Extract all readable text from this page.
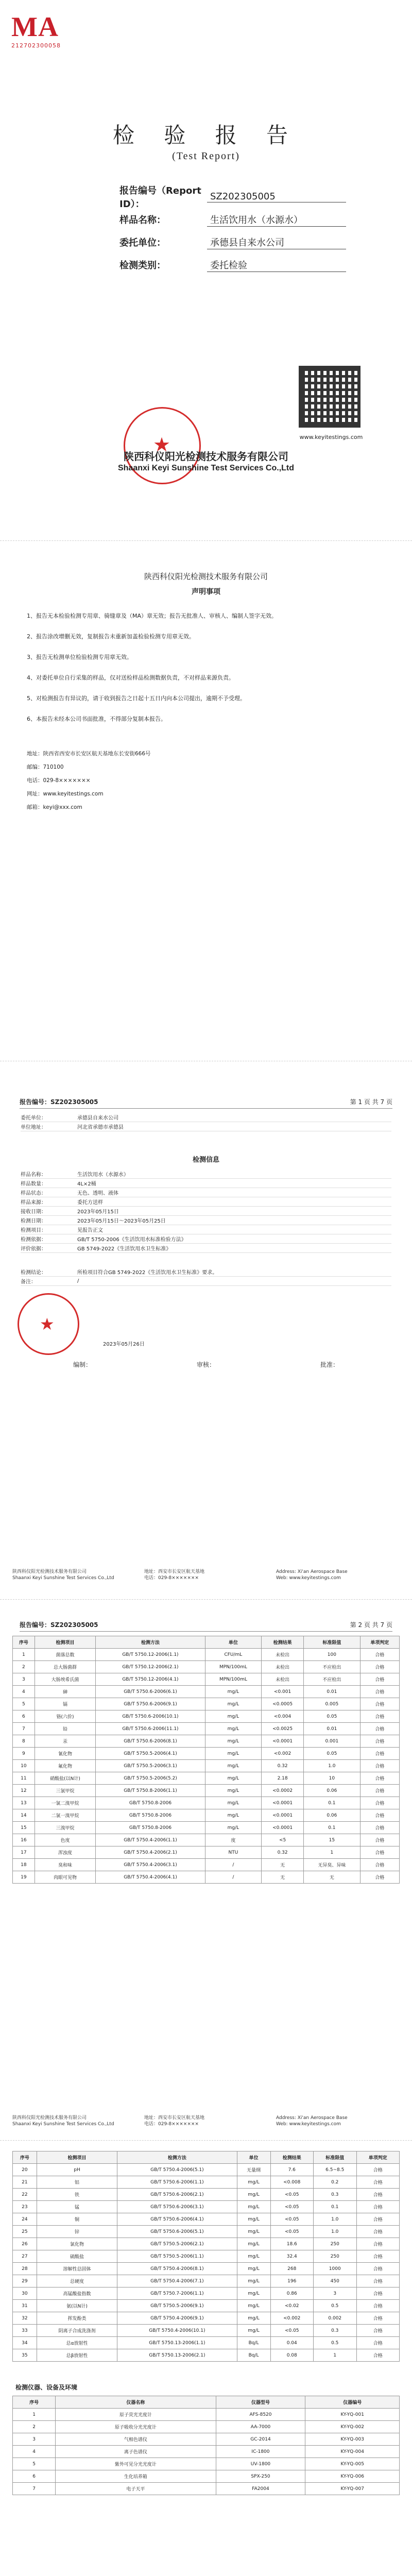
MA
212702300058
检 验 报 告
(Test Report)
报告编号（Report ID）：
SZ202305005
样品名称：	生活饮用水（水源水）
委托单位：	承德县自来水公司
检测类别：	委托检验
www.keyitestings.com
★
陕西科仪阳光检测技术服务有限公司
Shaanxi Keyi Sunshine Test Services Co.,Ltd
陕西科仪阳光检测技术服务有限公司
声明事项
1、报告无本检验检测专用章、骑缝章及（MA）章无效；报告无批准人、审核人、编制人签字无效。
2、报告涂改增删无效，复制报告未重新加盖检验检测专用章无效。
3、报告无检测单位检验检测专用章无效。
4、对委托单位自行采集的样品，仅对送检样品检测数据负责，不对样品来源负责。
5、对检测报告有异议的，请于收到报告之日起十五日内向本公司提出，逾期不予受理。
6、本报告未经本公司书面批准，不得部分复制本报告。
地址：陕西省西安市长安区航天基地东长安街666号
邮编：710100
电话：029-8×××××××
网址：www.keyitestings.com
邮箱：keyi@xxx.com
报告编号：SZ202305005	第 1 页 共 7 页
委托单位：	承德县自来水公司
单位地址：	河北省承德市承德县
检测信息
样品名称：	生活饮用水（水源水）
样品数量：	4L×2桶
样品状态：	无色、透明、液体
样品来源：	委托方送样
接收日期：	2023年05月15日
检测日期：	2023年05月15日～2023年05月25日
检测项目：	见报告正文
检测依据：	GB/T 5750-2006《生活饮用水标准检验方法》
评价依据：	GB 5749-2022《生活饮用水卫生标准》
检测结论：	所检项目符合GB 5749-2022《生活饮用水卫生标准》要求。
备注：	/
★
2023年05月26日
编制：	审核：	批准：
陕西科仪阳光检测技术服务有限公司
Shaanxi Keyi Sunshine Test Services Co.,Ltd
地址：西安市长安区航天基地
电话：029-8×××××××
Address: Xi'an Aerospace Base
Web: www.keyitestings.com
报告编号：SZ202305005	第 2 页 共 7 页
序号	检测项目	检测方法	单位	检测结果	标准限值	单项判定
1	菌落总数	GB/T 5750.12-2006(1.1)	CFU/mL	未检出	100	合格
2	总大肠菌群	GB/T 5750.12-2006(2.1)	MPN/100mL	未检出	不应检出	合格
3	大肠埃希氏菌	GB/T 5750.12-2006(4.1)	MPN/100mL	未检出	不应检出	合格
4	砷	GB/T 5750.6-2006(6.1)	mg/L	<0.001	0.01	合格
5	镉	GB/T 5750.6-2006(9.1)	mg/L	<0.0005	0.005	合格
6	铬(六价)	GB/T 5750.6-2006(10.1)	mg/L	<0.004	0.05	合格
7	铅	GB/T 5750.6-2006(11.1)	mg/L	<0.0025	0.01	合格
8	汞	GB/T 5750.6-2006(8.1)	mg/L	<0.0001	0.001	合格
9	氰化物	GB/T 5750.5-2006(4.1)	mg/L	<0.002	0.05	合格
10	氟化物	GB/T 5750.5-2006(3.1)	mg/L	0.32	1.0	合格
11	硝酸盐(以N计)	GB/T 5750.5-2006(5.2)	mg/L	2.18	10	合格
12	三氯甲烷	GB/T 5750.8-2006(1.1)	mg/L	<0.0002	0.06	合格
13	一氯二溴甲烷	GB/T 5750.8-2006	mg/L	<0.0001	0.1	合格
14	二氯一溴甲烷	GB/T 5750.8-2006	mg/L	<0.0001	0.06	合格
15	三溴甲烷	GB/T 5750.8-2006	mg/L	<0.0001	0.1	合格
16	色度	GB/T 5750.4-2006(1.1)	度	<5	15	合格
17	浑浊度	GB/T 5750.4-2006(2.1)	NTU	0.32	1	合格
18	臭和味	GB/T 5750.4-2006(3.1)	/	无	无异臭、异味	合格
19	肉眼可见物	GB/T 5750.4-2006(4.1)	/	无	无	合格
陕西科仪阳光检测技术服务有限公司
Shaanxi Keyi Sunshine Test Services Co.,Ltd
地址：西安市长安区航天基地
电话：029-8×××××××
Address: Xi'an Aerospace Base
Web: www.keyitestings.com
序号	检测项目	检测方法	单位	检测结果	标准限值	单项判定
20	pH	GB/T 5750.4-2006(5.1)	无量纲	7.6	6.5~8.5	合格
21	铝	GB/T 5750.6-2006(1.1)	mg/L	<0.008	0.2	合格
22	铁	GB/T 5750.6-2006(2.1)	mg/L	<0.05	0.3	合格
23	锰	GB/T 5750.6-2006(3.1)	mg/L	<0.05	0.1	合格
24	铜	GB/T 5750.6-2006(4.1)	mg/L	<0.05	1.0	合格
25	锌	GB/T 5750.6-2006(5.1)	mg/L	<0.05	1.0	合格
26	氯化物	GB/T 5750.5-2006(2.1)	mg/L	18.6	250	合格
27	硫酸盐	GB/T 5750.5-2006(1.1)	mg/L	32.4	250	合格
28	溶解性总固体	GB/T 5750.4-2006(8.1)	mg/L	268	1000	合格
29	总硬度	GB/T 5750.4-2006(7.1)	mg/L	196	450	合格
30	高锰酸盐指数	GB/T 5750.7-2006(1.1)	mg/L	0.86	3	合格
31	氨(以N计)	GB/T 5750.5-2006(9.1)	mg/L	<0.02	0.5	合格
32	挥发酚类	GB/T 5750.4-2006(9.1)	mg/L	<0.002	0.002	合格
33	阴离子合成洗涤剂	GB/T 5750.4-2006(10.1)	mg/L	<0.05	0.3	合格
34	总α放射性	GB/T 5750.13-2006(1.1)	Bq/L	0.04	0.5	合格
35	总β放射性	GB/T 5750.13-2006(2.1)	Bq/L	0.08	1	合格
检测仪器、设备及环境
序号	仪器名称	仪器型号	仪器编号
1	原子荧光光度计	AFS-8520	KY-YQ-001
2	原子吸收分光光度计	AA-7000	KY-YQ-002
3	气相色谱仪	GC-2014	KY-YQ-003
4	离子色谱仪	IC-1800	KY-YQ-004
5	紫外可见分光光度计	UV-1800	KY-YQ-005
6	生化培养箱	SPX-250	KY-YQ-006
7	电子天平	FA2004	KY-YQ-007
